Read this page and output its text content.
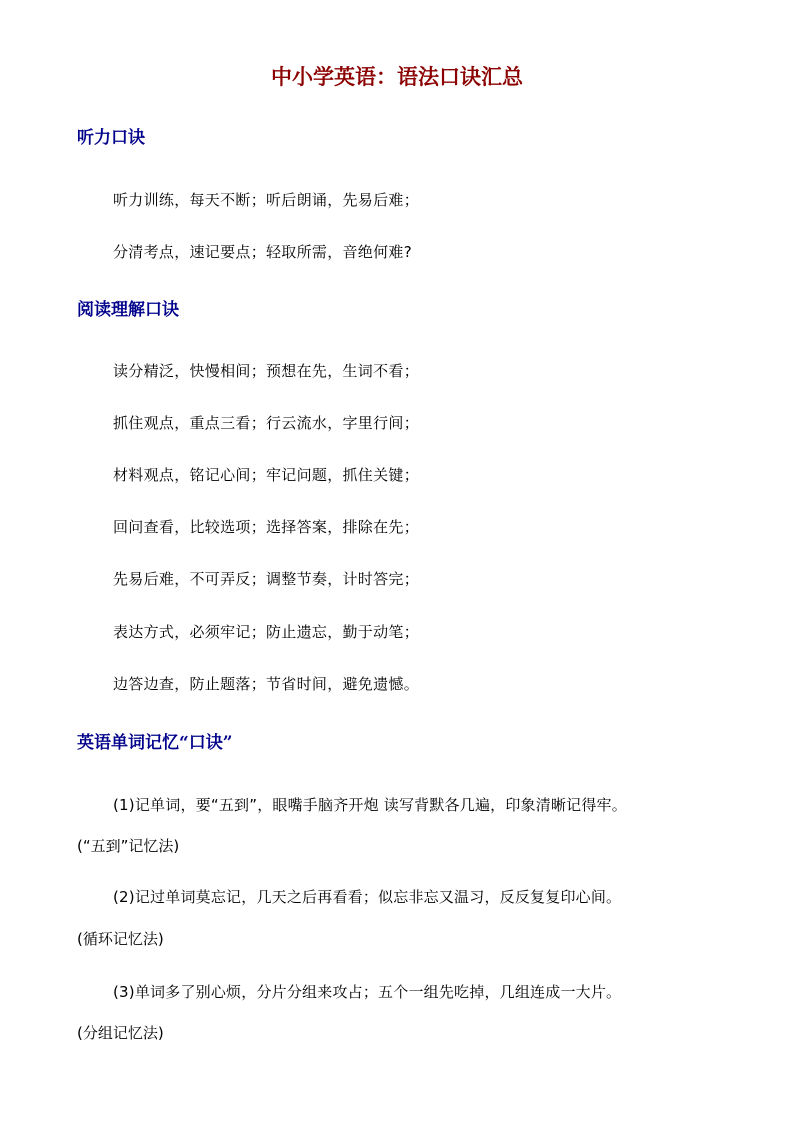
中小学英语：语法口诀汇总
听力口诀

听力训练，每天不断；听后朗诵，先易后难；

分清考点，速记要点；轻取所需，音绝何难?

阅读理解口诀

读分精泛，快慢相间；预想在先，生词不看；

抓住观点，重点三看；行云流水，字里行间；

材料观点，铭记心间；牢记问题，抓住关键；

回问查看，比较选项；选择答案，排除在先；

先易后难，不可弄反；调整节奏，计时答完；

表达方式，必须牢记；防止遗忘，勤于动笔；

边答边查，防止题落；节省时间，避免遗憾。

英语单词记忆“口诀”

(1)记单词，要“五到”，眼嘴手脑齐开炮 读写背默各几遍，印象清晰记得牢。

(“五到”记忆法)

(2)记过单词莫忘记，几天之后再看看；似忘非忘又温习，反反复复印心间。

(循环记忆法)

(3)单词多了别心烦，分片分组来攻占；五个一组先吃掉，几组连成一大片。

(分组记忆法)
